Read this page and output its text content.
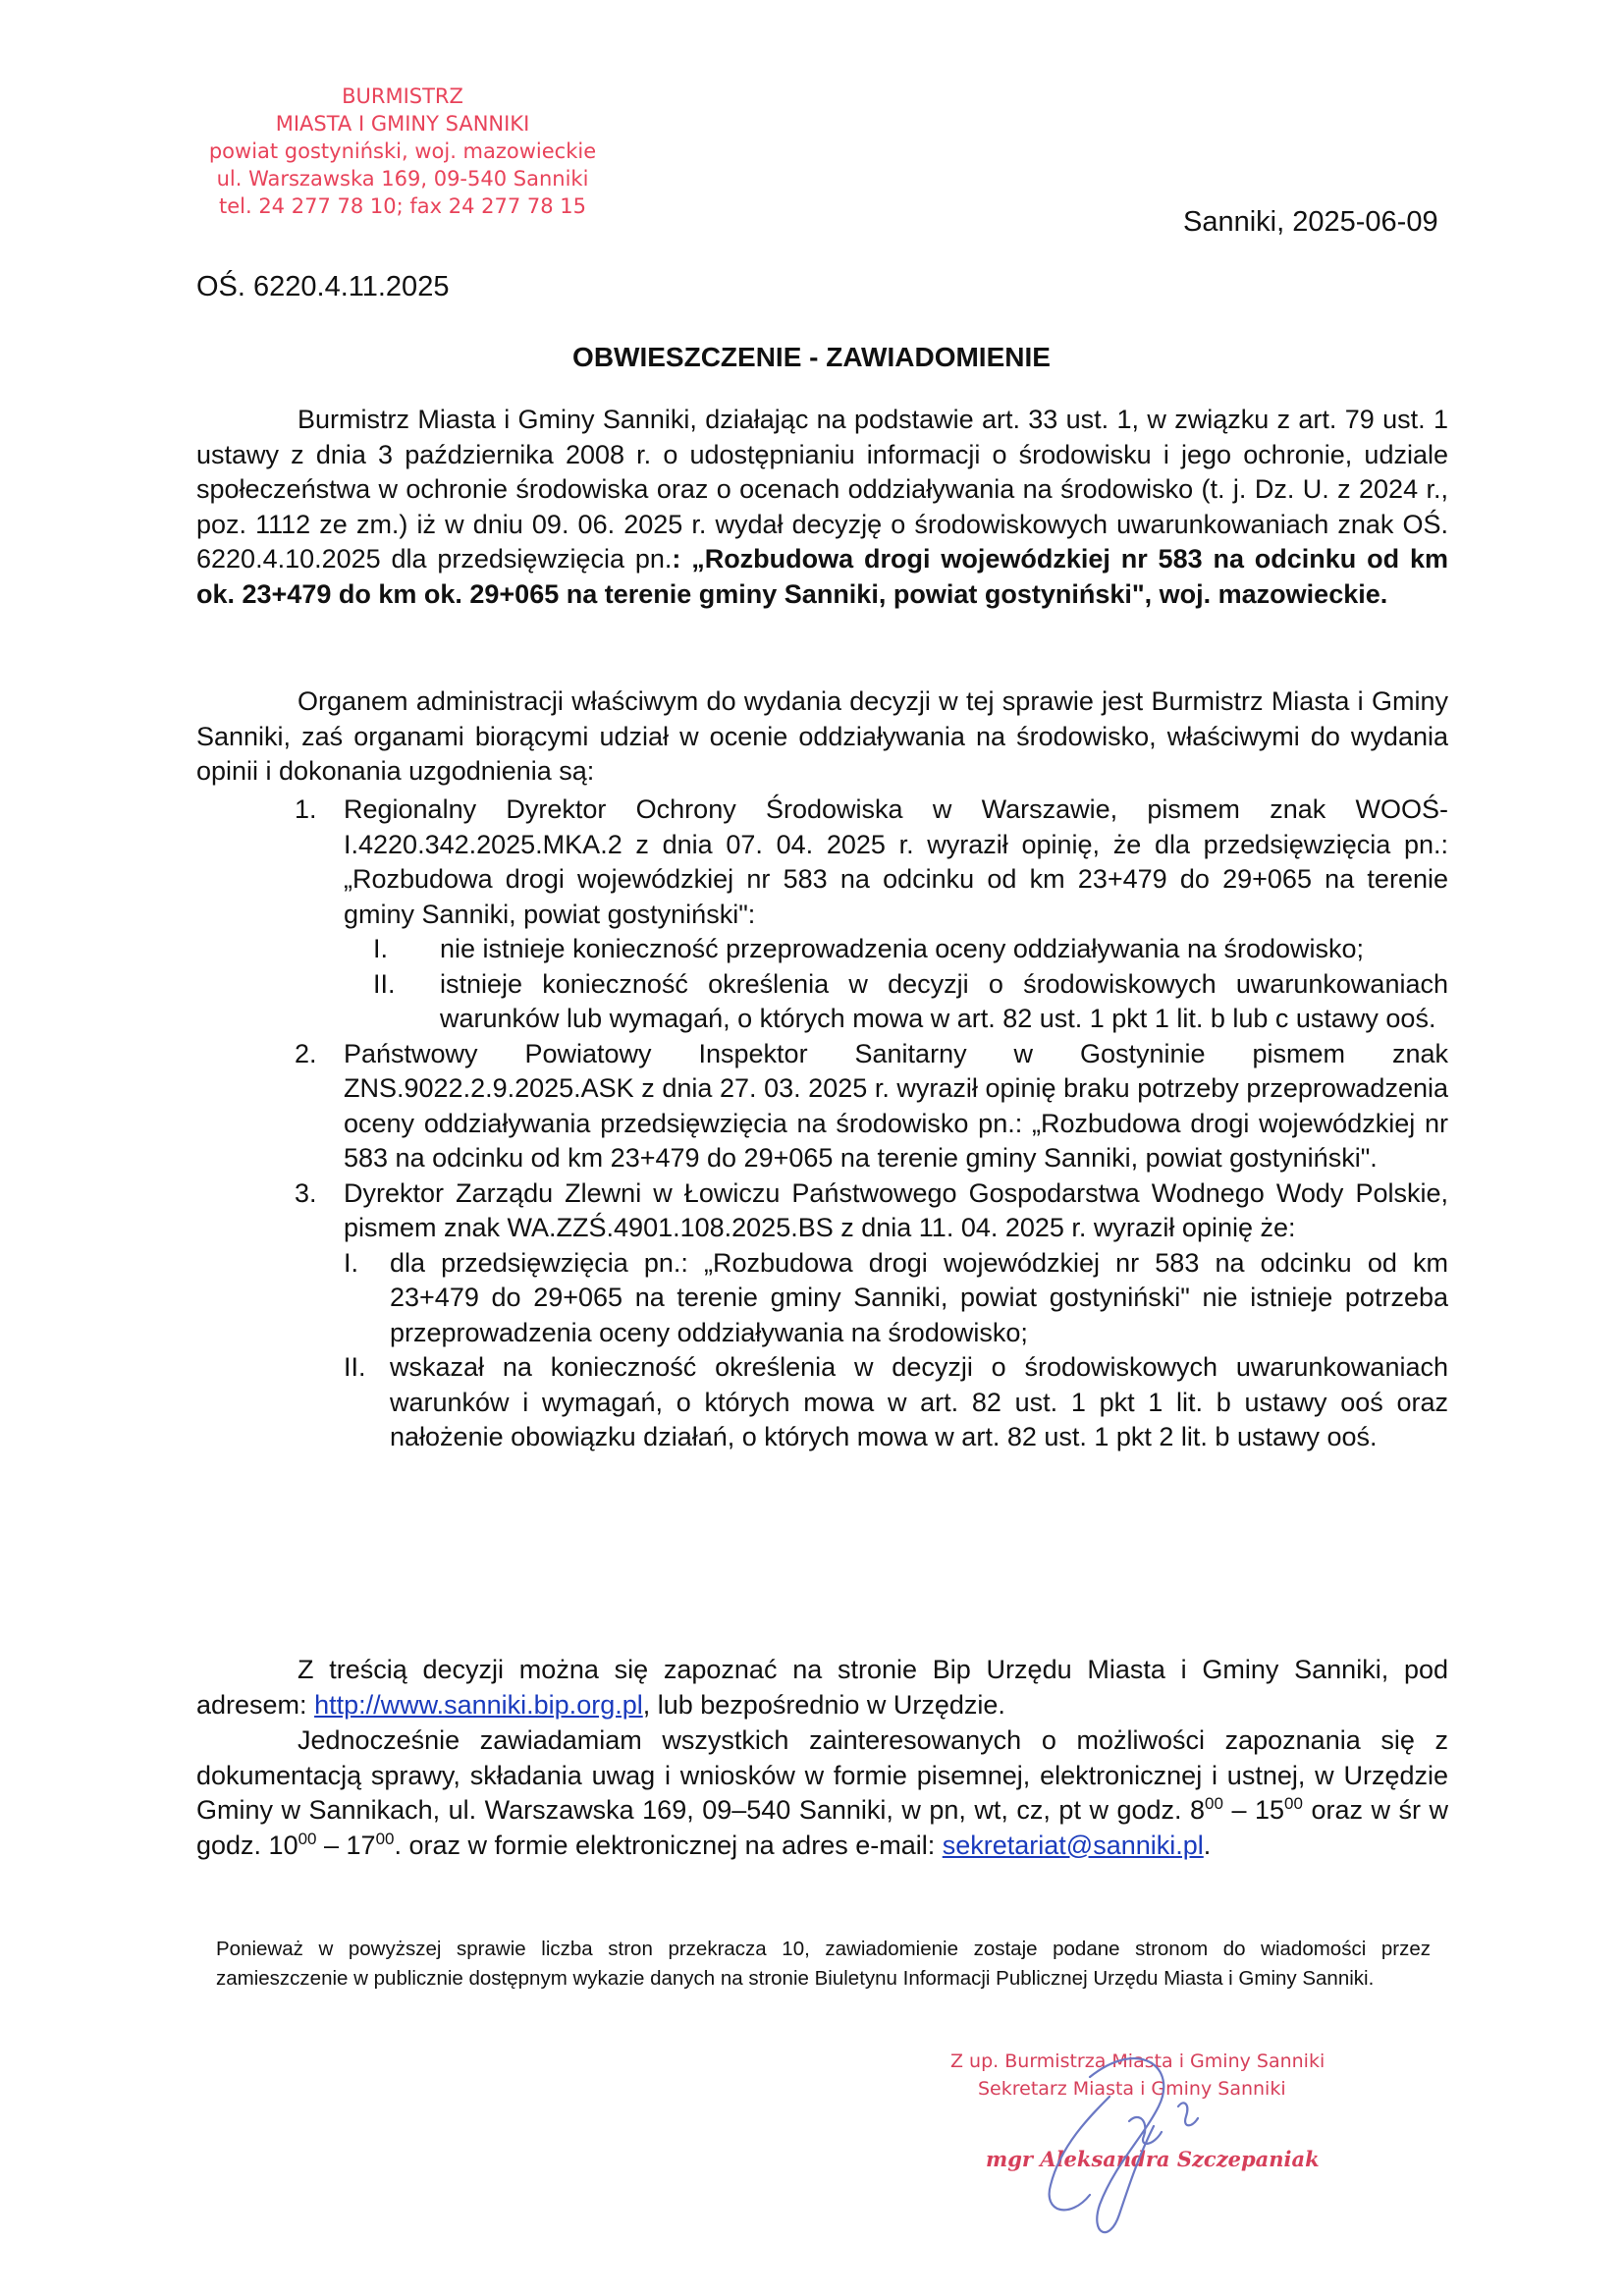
BURMISTRZ
MIASTA I GMINY SANNIKI
powiat gostyniński, woj. mazowieckie
ul. Warszawska 169, 09-540 Sanniki
tel. 24 277 78 10; fax 24 277 78 15	Sanniki, 2025-06-09
OŚ. 6220.4.11.2025
OBWIESZCZENIE - ZAWIADOMIENIE
Burmistrz Miasta i Gminy Sanniki, działając na podstawie art. 33 ust. 1, w związku z art. 79 ust. 1 ustawy z dnia 3 października 2008 r. o udostępnianiu informacji o środowisku i jego ochronie, udziale społeczeństwa w ochronie środowiska oraz o ocenach oddziaływania na środowisko (t. j. Dz. U. z 2024 r., poz. 1112 ze zm.) iż w dniu 09. 06. 2025 r. wydał decyzję o środowiskowych uwarunkowaniach znak OŚ. 6220.4.10.2025 dla przedsięwzięcia pn.: „Rozbudowa drogi wojewódzkiej nr 583 na odcinku od km ok. 23+479 do km ok. 29+065 na terenie gminy Sanniki, powiat gostyniński", woj. mazowieckie.
Organem administracji właściwym do wydania decyzji w tej sprawie jest Burmistrz Miasta i Gminy Sanniki, zaś organami biorącymi udział w ocenie oddziaływania na środowisko, właściwymi do wydania opinii i dokonania uzgodnienia są:
1. Regionalny Dyrektor Ochrony Środowiska w Warszawie, pismem znak WOOŚ-I.4220.342.2025.MKA.2 z dnia 07. 04. 2025 r. wyraził opinię, że dla przedsięwzięcia pn.: „Rozbudowa drogi wojewódzkiej nr 583 na odcinku od km 23+479 do 29+065 na terenie gminy Sanniki, powiat gostyniński":
I. nie istnieje konieczność przeprowadzenia oceny oddziaływania na środowisko;
II. istnieje konieczność określenia w decyzji o środowiskowych uwarunkowaniach warunków lub wymagań, o których mowa w art. 82 ust. 1 pkt 1 lit. b lub c ustawy ooś.
2. Państwowy Powiatowy Inspektor Sanitarny w Gostyninie pismem znak ZNS.9022.2.9.2025.ASK z dnia 27. 03. 2025 r. wyraził opinię braku potrzeby przeprowadzenia oceny oddziaływania przedsięwzięcia na środowisko pn.: „Rozbudowa drogi wojewódzkiej nr 583 na odcinku od km 23+479 do 29+065 na terenie gminy Sanniki, powiat gostyniński".
3. Dyrektor Zarządu Zlewni w Łowiczu Państwowego Gospodarstwa Wodnego Wody Polskie, pismem znak WA.ZZŚ.4901.108.2025.BS z dnia 11. 04. 2025 r. wyraził opinię że:
I. dla przedsięwzięcia pn.: „Rozbudowa drogi wojewódzkiej nr 583 na odcinku od km 23+479 do 29+065 na terenie gminy Sanniki, powiat gostyniński" nie istnieje potrzeba przeprowadzenia oceny oddziaływania na środowisko;
II. wskazał na konieczność określenia w decyzji o środowiskowych uwarunkowaniach warunków i wymagań, o których mowa w art. 82 ust. 1 pkt 1 lit. b ustawy ooś oraz nałożenie obowiązku działań, o których mowa w art. 82 ust. 1 pkt 2 lit. b ustawy ooś.
Z treścią decyzji można się zapoznać na stronie Bip Urzędu Miasta i Gminy Sanniki, pod adresem: http://www.sanniki.bip.org.pl, lub bezpośrednio w Urzędzie.
Jednocześnie zawiadamiam wszystkich zainteresowanych o możliwości zapoznania się z dokumentacją sprawy, składania uwag i wniosków w formie pisemnej, elektronicznej i ustnej, w Urzędzie Gminy w Sannikach, ul. Warszawska 169, 09–540 Sanniki, w pn, wt, cz, pt w godz. $8^{00} - 15^{00}$ oraz w śr w godz. $10^{00} - 17^{00}$. oraz w formie elektronicznej na adres e-mail: sekretariat@sanniki.pl.
Ponieważ w powyższej sprawie liczba stron przekracza 10, zawiadomienie zostaje podane stronom do wiadomości przez zamieszczenie w publicznie dostępnym wykazie danych na stronie Biuletynu Informacji Publicznej Urzędu Miasta i Gminy Sanniki.
Z up. Burmistrza Miasta i Gminy Sanniki
Sekretarz Miasta i Gminy Sanniki
mgr Aleksandra Szczepaniak
